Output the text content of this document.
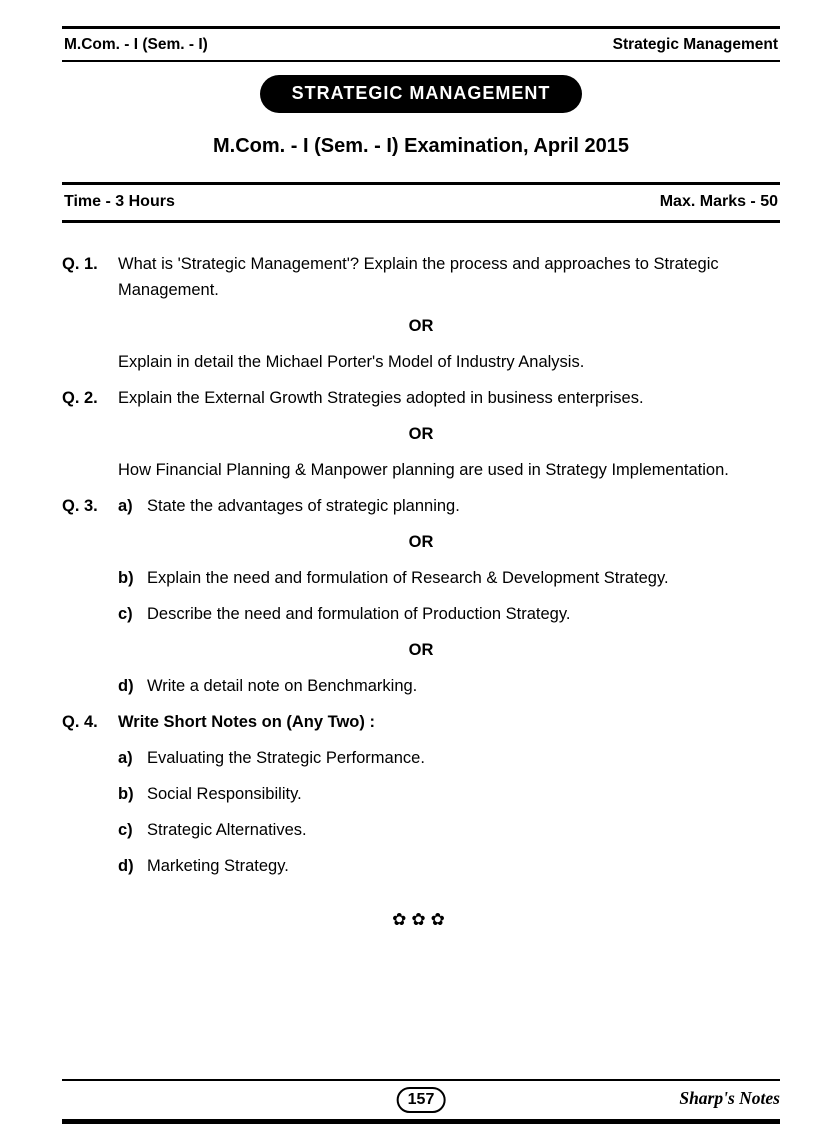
M.Com. - I (Sem. - I)	Strategic Management
STRATEGIC MANAGEMENT
M.Com. - I (Sem. - I) Examination, April 2015
Time - 3 Hours	Max. Marks - 50
Q. 1.	What is 'Strategic Management'? Explain the process and approaches to Strategic Management.

OR

Explain in detail the Michael Porter's Model of Industry Analysis.

Q. 2.	Explain the External Growth Strategies adopted in business enterprises.

OR

How Financial Planning & Manpower planning are used in Strategy Implementation.

Q. 3.	a) State the advantages of strategic planning.

OR

b) Explain the need and formulation of Research & Development Strategy.

c) Describe the need and formulation of Production Strategy.

OR

d) Write a detail note on Benchmarking.

Q. 4.	Write Short Notes on (Any Two) :

a) Evaluating the Strategic Performance.

b) Social Responsibility.

c) Strategic Alternatives.

d) Marketing Strategy.

✿✿✿
157	Sharp's Notes
